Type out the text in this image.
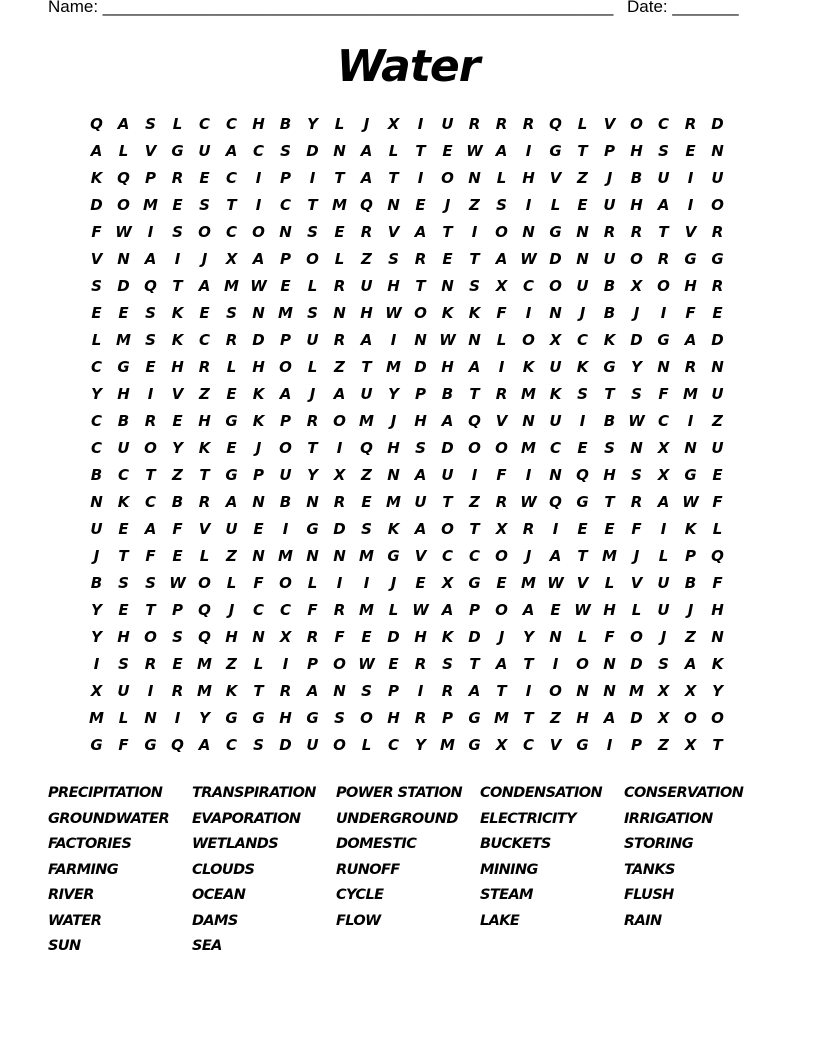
Name: ______________________________________________________ Date: _______
Water
Q A	S	L	C	C	H	B	Y	L	J	X	I	U	R	R	R Q	L	V O	C	R D
A	L	V	G U	A	C	S	D N A	L	T	E W A	I	G	T	P	H	S	E	N
K Q	P	R	E	C	I	P	I	T	A	T	I	O N	L	H V	Z	J	B	U	I	U
D O M E	S	T	I	C	T M Q N	E	J	Z	S	I	L	E	U H A	I	O
F W	I	S	O	C	O N	S	E	R	V	A	T	I	O N G N R	R	T	V	R
V N A	I	J	X	A	P	O	L	Z	S	R	E	T	A W D N U O R	G G
S	D Q	T	A M W E	L	R	U H	T	N	S	X	C	O U	B	X O H R
E	E	S	K	E	S	N M S	N H W O K	K	F	I	N	J	B	J	I	F	E
L M S	K	C	R D	P	U	R	A	I	N W N	L	O X	C	K D G	A D
C	G	E	H R	L	H O	L	Z	T M D H A	I	K	U	K	G	Y	N R N
Y	H	I	V	Z	E	K	A	J	A	U	Y	P	B	T	R M K	S	T	S	F M U
C	B	R	E	H G	K	P	R O M	J	H A Q V N U	I	B W C	I	Z
C	U O	Y	K	E	J	O	T	I	Q H	S	D O O M C	E	S	N X N U
B	C	T	Z	T	G	P	U	Y	X	Z	N A	U	I	F	I	N Q H	S	X	G	E
N K	C	B	R	A N	B	N R	E M U	T	Z	R W Q G	T	R	A W F
U	E	A	F	V	U	E	I	G D	S	K	A O	T	X	R	I	E	E	F	I	K	L
J	T	F	E	L	Z	N M N N M G	V	C	C	O	J	A	T M	J	L	P	Q
B	S	S W O	L	F	O	L	I	I	J	E	X	G	E M W V	L	V	U	B	F
Y	E	T	P	Q	J	C	C	F	R M L W A	P	O A	E W H	L	U	J	H
Y	H O	S	Q H N X	R	F	E	D H K D	J	Y	N	L	F	O	J	Z	N
I	S	R	E M Z	L	I	P	O W E	R	S	T	A	T	I	O N D	S	A	K
X	U	I	R M K	T	R	A N	S	P	I	R	A	T	I	O N N M X	X	Y
M L	N	I	Y	G G H G	S	O H R	P	G M T	Z	H A D X O O
G	F	G Q A	C	S	D U O	L	C	Y M G	X	C	V	G	I	P	Z	X	T
PRECIPITATION	TRANSPIRATION	POWER STATION	CONDENSATION	CONSERVATION
GROUNDWATER	EVAPORATION	UNDERGROUND	ELECTRICITY	IRRIGATION
FACTORIES	WETLANDS	DOMESTIC	BUCKETS	STORING
FARMING	CLOUDS	RUNOFF	MINING	TANKS
RIVER	OCEAN	CYCLE	STEAM	FLUSH
WATER	DAMS	FLOW	LAKE	RAIN
SUN	SEA
